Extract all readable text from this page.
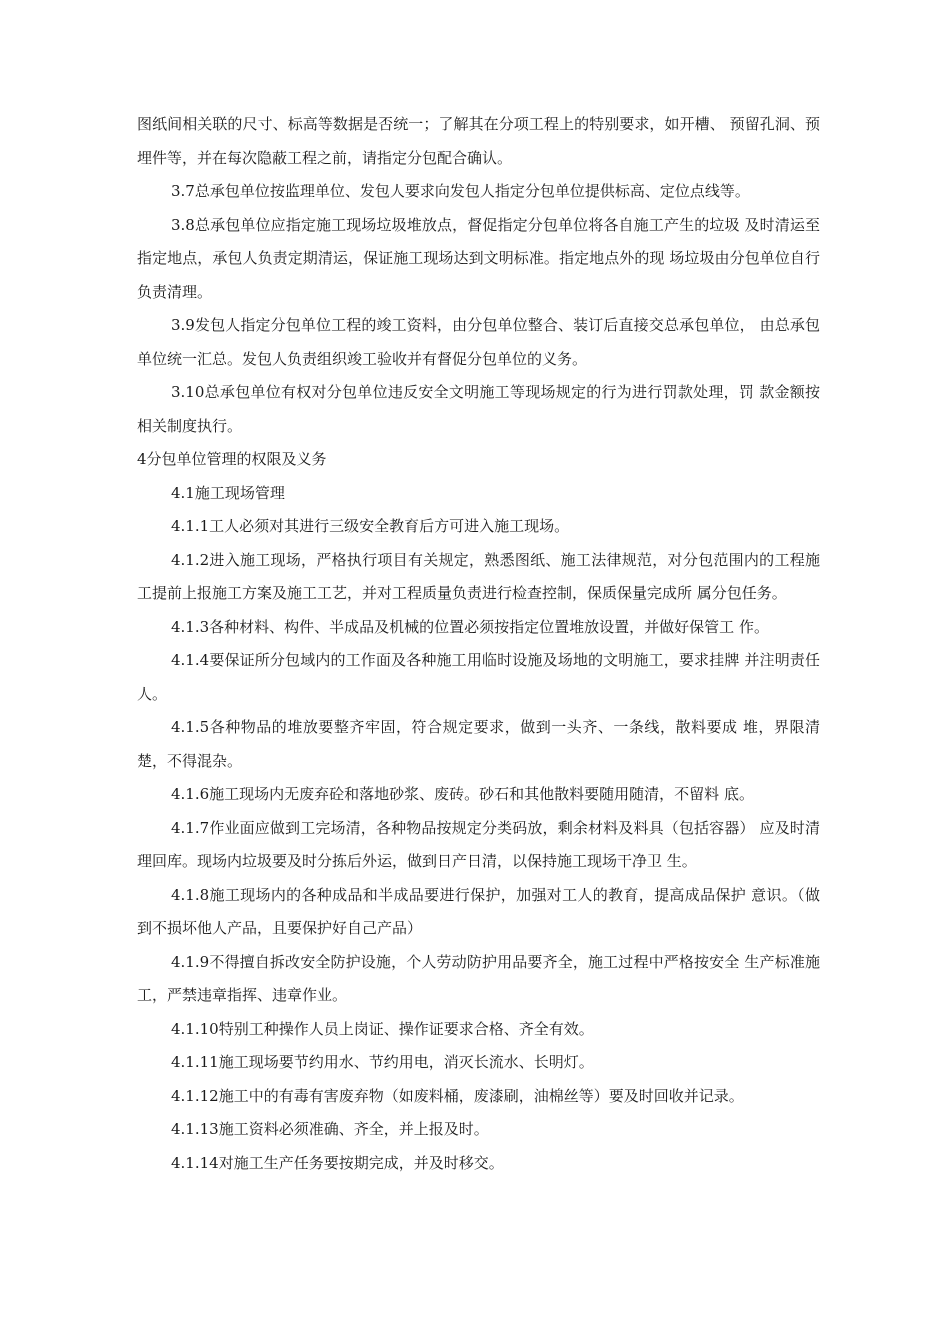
图纸间相关联的尺寸、标高等数据是否统一；了解其在分项工程上的特别要求，如开槽、 预留孔洞、预埋件等，并在每次隐蔽工程之前，请指定分包配合确认。

3.7总承包单位按监理单位、发包人要求向发包人指定分包单位提供标高、定位点线等。

3.8总承包单位应指定施工现场垃圾堆放点，督促指定分包单位将各自施工产生的垃圾 及时清运至指定地点，承包人负责定期清运，保证施工现场达到文明标准。指定地点外的现 场垃圾由分包单位自行负责清理。

3.9发包人指定分包单位工程的竣工资料，由分包单位整合、装订后直接交总承包单位， 由总承包单位统一汇总。发包人负责组织竣工验收并有督促分包单位的义务。

3.10总承包单位有权对分包单位违反安全文明施工等现场规定的行为进行罚款处理，罚 款金额按相关制度执行。

4分包单位管理的权限及义务

4.1施工现场管理

4.1.1工人必须对其进行三级安全教育后方可进入施工现场。

4.1.2进入施工现场，严格执行项目有关规定，熟悉图纸、施工法律规范，对分包范围内的工程施工提前上报施工方案及施工工艺，并对工程质量负责进行检查控制，保质保量完成所 属分包任务。

4.1.3各种材料、构件、半成品及机械的位置必须按指定位置堆放设置，并做好保管工 作。

4.1.4要保证所分包域内的工作面及各种施工用临时设施及场地的文明施工，要求挂牌 并注明责任人。

4.1.5各种物品的堆放要整齐牢固，符合规定要求，做到一头齐、一条线，散料要成 堆，界限清楚，不得混杂。

4.1.6施工现场内无废弃砼和落地砂浆、废砖。砂石和其他散料要随用随清，不留料 底。

4.1.7作业面应做到工完场清，各种物品按规定分类码放，剩余材料及料具（包括容器） 应及时清理回库。现场内垃圾要及时分拣后外运，做到日产日清，以保持施工现场干净卫 生。

4.1.8施工现场内的各种成品和半成品要进行保护，加强对工人的教育，提高成品保护 意识。（做到不损坏他人产品，且要保护好自己产品）

4.1.9不得擅自拆改安全防护设施，个人劳动防护用品要齐全，施工过程中严格按安全 生产标准施工，严禁违章指挥、违章作业。

4.1.10特别工种操作人员上岗证、操作证要求合格、齐全有效。

4.1.11施工现场要节约用水、节约用电，消灭长流水、长明灯。

4.1.12施工中的有毒有害废弃物（如废料桶，废漆刷，油棉丝等）要及时回收并记录。

4.1.13施工资料必须准确、齐全，并上报及时。

4.1.14对施工生产任务要按期完成，并及时移交。
